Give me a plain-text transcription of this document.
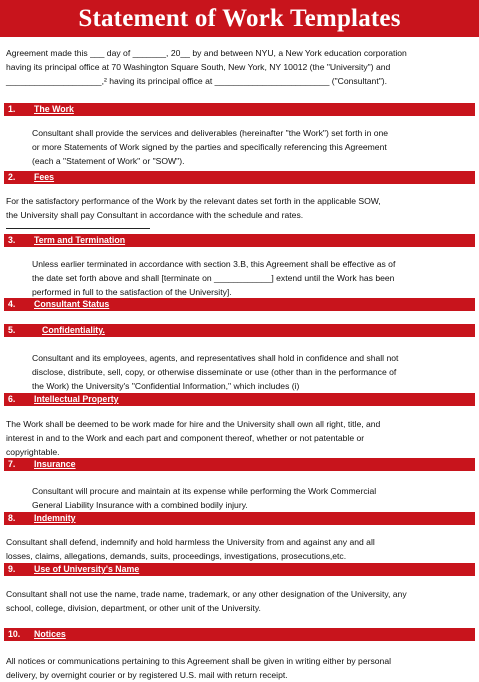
Statement of Work Templates
Agreement made this ___ day of _______, 20__ by and between NYU, a New York education corporation
having its principal office at 70 Washington Square South, New York, NY 10012 (the "University") and
____________________,² having its principal office at ________________________ ("Consultant").
1. The Work
Consultant shall provide the services and deliverables (hereinafter "the Work") set forth in one
or more Statements of Work signed by the parties and specifically referencing this Agreement
(each a "Statement of Work" or "SOW").
2. Fees
For the satisfactory performance of the Work by the relevant dates set forth in the applicable SOW,
the University shall pay Consultant in accordance with the schedule and rates.
3. Term and Termination
Unless earlier terminated in accordance with section 3.B, this Agreement shall be effective as of
the date set forth above and shall [terminate on ____________] extend until the Work has been
performed in full to the satisfaction of the University].
4. Consultant Status
5.	Confidentiality.
Consultant and its employees, agents, and representatives shall hold in confidence and shall not
disclose, distribute, sell, copy, or otherwise disseminate or use (other than in the performance of
the Work) the University's "Confidential Information," which includes (i)
6. Intellectual Property
The Work shall be deemed to be work made for hire and the University shall own all right, title, and
interest in and to the Work and each part and component thereof, whether or not patentable or
copyrightable.
7. Insurance
Consultant will procure and maintain at its expense while performing the Work Commercial
General Liability Insurance with a combined bodily injury.
8. Indemnity
Consultant shall defend, indemnify and hold harmless the University from and against any and all
losses, claims, allegations, demands, suits, proceedings, investigations, prosecutions,etc.
9. Use of University's Name
Consultant shall not use the name, trade name, trademark, or any other designation of the University, any
school, college, division, department, or other unit of the University.
10. Notices
All notices or communications pertaining to this Agreement shall be given in writing either by personal
delivery, by overnight courier or by registered U.S. mail with return receipt.
